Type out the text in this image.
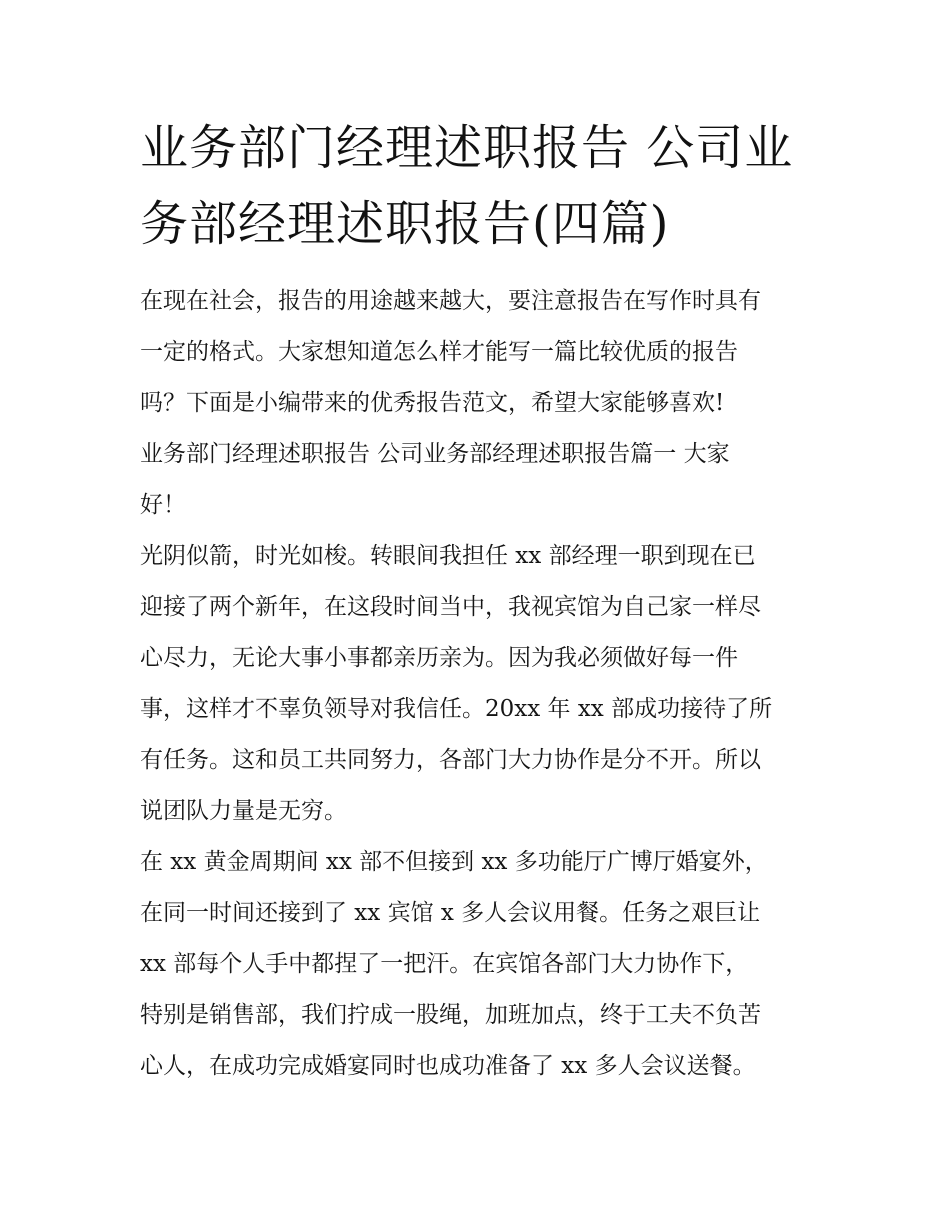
业务部门经理述职报告 公司业
务部经理述职报告(四篇)
在现在社会，报告的用途越来越大，要注意报告在写作时具有
一定的格式。大家想知道怎么样才能写一篇比较优质的报告
吗？下面是小编带来的优秀报告范文，希望大家能够喜欢!
业务部门经理述职报告 公司业务部经理述职报告篇一 大家
好！
光阴似箭，时光如梭。转眼间我担任 xx 部经理一职到现在已
迎接了两个新年，在这段时间当中，我视宾馆为自己家一样尽
心尽力，无论大事小事都亲历亲为。因为我必须做好每一件
事，这样才不辜负领导对我信任。20xx 年 xx 部成功接待了所
有任务。这和员工共同努力，各部门大力协作是分不开。所以
说团队力量是无穷。
在 xx 黄金周期间 xx 部不但接到 xx 多功能厅广博厅婚宴外，
在同一时间还接到了 xx 宾馆 x 多人会议用餐。任务之艰巨让
xx 部每个人手中都捏了一把汗。在宾馆各部门大力协作下，
特别是销售部，我们拧成一股绳，加班加点，终于工夫不负苦
心人，在成功完成婚宴同时也成功准备了 xx 多人会议送餐。
